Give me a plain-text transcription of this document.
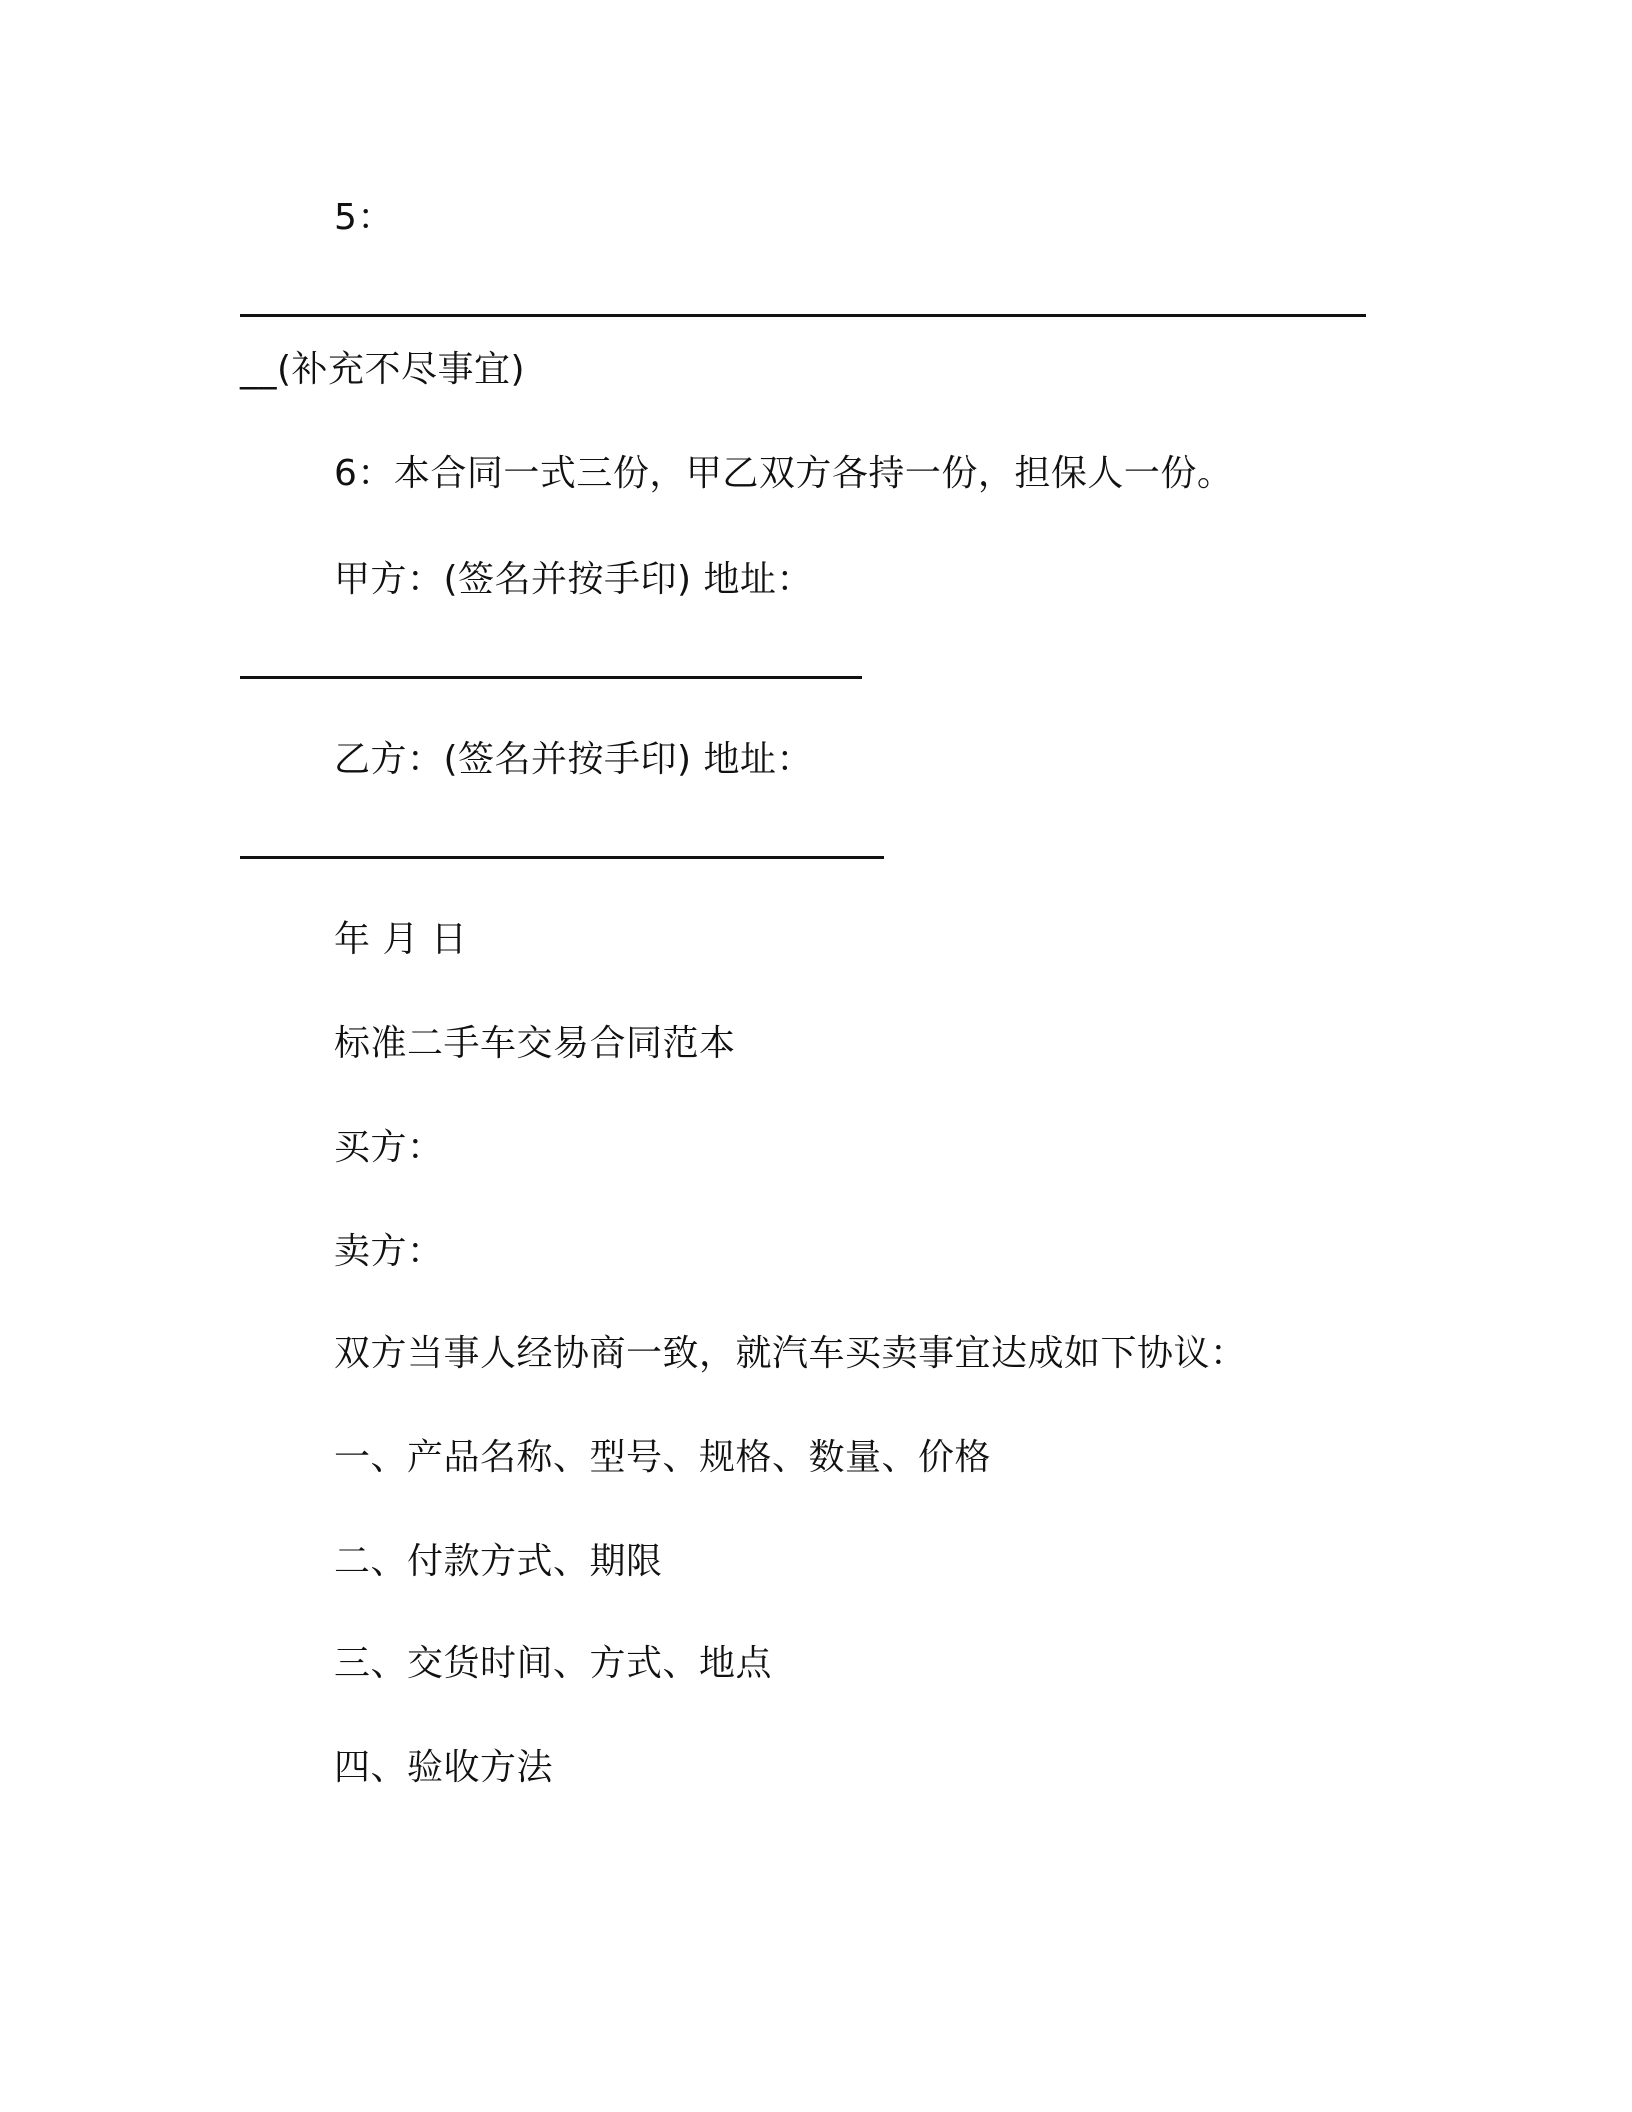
5：
__(补充不尽事宜)
6：本合同一式三份，甲乙双方各持一份，担保人一份。
甲方：(签名并按手印) 地址：
乙方：(签名并按手印) 地址：
年 月 日
标准二手车交易合同范本
买方：
卖方：
双方当事人经协商一致，就汽车买卖事宜达成如下协议：
一、产品名称、型号、规格、数量、价格
二、付款方式、期限
三、交货时间、方式、地点
四、验收方法
